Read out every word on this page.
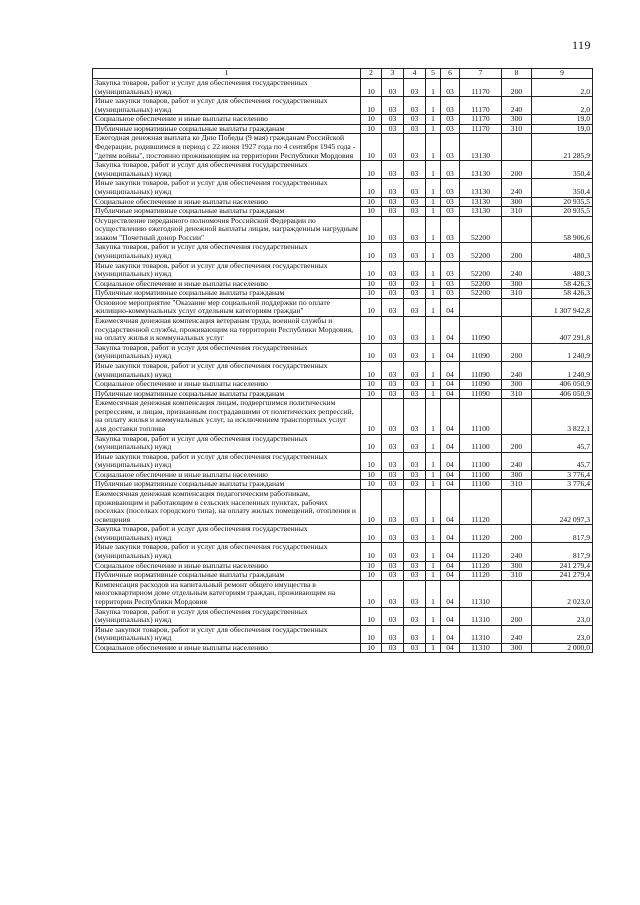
119
1	2	3	4	5	6	7	8	9
Закупка товаров, работ и услуг для обеспечения государственных (муниципальных) нужд	10	03	03	1	03	11170	200	2,0
Иные закупки товаров, работ и услуг для обеспечения государственных (муниципальных) нужд	10	03	03	1	03	11170	240	2,0
Социальное обеспечение и иные выплаты населению	10	03	03	1	03	11170	300	19,0
Публичные нормативные социальные выплаты гражданам	10	03	03	1	03	11170	310	19,0
Ежегодная денежная выплата ко Дню Победы (9 мая) гражданам Российской Федерации, родившимся в период с 22 июня 1927 года по 4 сентября 1945 года - "детям войны", постоянно проживающим на территории Республики Мордовия	10	03	03	1	03	13130		21 285,9
Закупка товаров, работ и услуг для обеспечения государственных (муниципальных) нужд	10	03	03	1	03	13130	200	350,4
Иные закупки товаров, работ и услуг для обеспечения государственных (муниципальных) нужд	10	03	03	1	03	13130	240	350,4
Социальное обеспечение и иные выплаты населению	10	03	03	1	03	13130	300	20 935,5
Публичные нормативные социальные выплаты гражданам	10	03	03	1	03	13130	310	20 935,5
Осуществление переданного полномочия Российской Федерации по осуществлению ежегодной денежной выплаты лицам, награжденным нагрудным знаком "Почетный донор России"	10	03	03	1	03	52200		58 906,6
Закупка товаров, работ и услуг для обеспечения государственных (муниципальных) нужд	10	03	03	1	03	52200	200	480,3
Иные закупки товаров, работ и услуг для обеспечения государственных (муниципальных) нужд	10	03	03	1	03	52200	240	480,3
Социальное обеспечение и иные выплаты населению	10	03	03	1	03	52200	300	58 426,3
Публичные нормативные социальные выплаты гражданам	10	03	03	1	03	52200	310	58 426,3
Основное мероприятие "Оказание мер социальной поддержки по оплате жилищно-коммунальных услуг отдельным категориям граждан"	10	03	03	1	04			1 307 942,8
Ежемесячная денежная компенсация ветеранам труда, военной службы и государственной службы, проживающим на территории Республики Мордовия, на оплату жилья и коммунальных услуг	10	03	03	1	04	11090		407 291,8
Закупка товаров, работ и услуг для обеспечения государственных (муниципальных) нужд	10	03	03	1	04	11090	200	1 240,9
Иные закупки товаров, работ и услуг для обеспечения государственных (муниципальных) нужд	10	03	03	1	04	11090	240	1 240,9
Социальное обеспечение и иные выплаты населению	10	03	03	1	04	11090	300	406 050,9
Публичные нормативные социальные выплаты гражданам	10	03	03	1	04	11090	310	406 050,9
Ежемесячная денежная компенсация лицам, подвергшимся политическим репрессиям, и лицам, признанным пострадавшими от политических репрессий, на оплату жилья и коммунальных услуг, за исключением транспортных услуг для доставки топлива	10	03	03	1	04	11100		3 822,1
Закупка товаров, работ и услуг для обеспечения государственных (муниципальных) нужд	10	03	03	1	04	11100	200	45,7
Иные закупки товаров, работ и услуг для обеспечения государственных (муниципальных) нужд	10	03	03	1	04	11100	240	45,7
Социальное обеспечение и иные выплаты населению	10	03	03	1	04	11100	300	3 776,4
Публичные нормативные социальные выплаты гражданам	10	03	03	1	04	11100	310	3 776,4
Ежемесячная денежная компенсация педагогическим работникам, проживающим и работающим в сельских населенных пунктах, рабочих поселках (поселках городского типа), на оплату жилых помещений, отопления и освещения	10	03	03	1	04	11120		242 097,3
Закупка товаров, работ и услуг для обеспечения государственных (муниципальных) нужд	10	03	03	1	04	11120	200	817,9
Иные закупки товаров, работ и услуг для обеспечения государственных (муниципальных) нужд	10	03	03	1	04	11120	240	817,9
Социальное обеспечение и иные выплаты населению	10	03	03	1	04	11120	300	241 279,4
Публичные нормативные социальные выплаты гражданам	10	03	03	1	04	11120	310	241 279,4
Компенсация расходов на капитальный ремонт общего имущества в многоквартирном доме отдельным категориям граждан, проживающим на территории Республики Мордовия	10	03	03	1	04	11310		2 023,0
Закупка товаров, работ и услуг для обеспечения государственных (муниципальных) нужд	10	03	03	1	04	11310	200	23,0
Иные закупки товаров, работ и услуг для обеспечения государственных (муниципальных) нужд	10	03	03	1	04	11310	240	23,0
Социальное обеспечение и иные выплаты населению	10	03	03	1	04	11310	300	2 000,0
